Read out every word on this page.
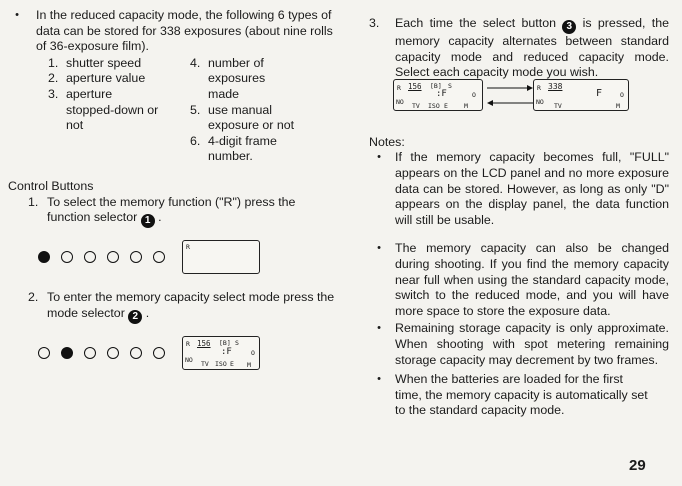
•	In the reduced capacity mode, the following 6 types of data can be stored for 338 exposures (about nine rolls of 36-exposure film).
1. shutter speed
2. aperture value
3. aperture stopped-down or not
4. number of exposures made
5. use manual exposure or not
6. 4-digit frame number.
Control Buttons
1. To select the memory function ("R") press the function selector 1 .
R
2. To enter the memory capacity select mode press the mode selector 2 .
R 156 [B] S
:F	O
NO TV ISO E M
3.	Each time the select button 3 is pressed, the memory capacity alternates between standard capacity mode and reduced capacity mode. Select each capacity mode you wish.
R 156 [B] S
:F	O
NO TV ISO E M
R 338
F	O
NO TV	M
Notes:
•	If the memory capacity becomes full, "FULL" appears on the LCD panel and no more exposure data can be stored. However, as long as only "D" appears on the display panel, the data function will still be usable.
•	The memory capacity can also be changed during shooting. If you find the memory capacity near full when using the standard capacity mode, switch to the reduced mode, and you will have more space to store the exposure data.
•	Remaining storage capacity is only approximate. When shooting with spot metering remaining storage capacity may decrement by two frames.
•	When the batteries are loaded for the first time, the memory capacity is automatically set to the standard capacity mode.
29
